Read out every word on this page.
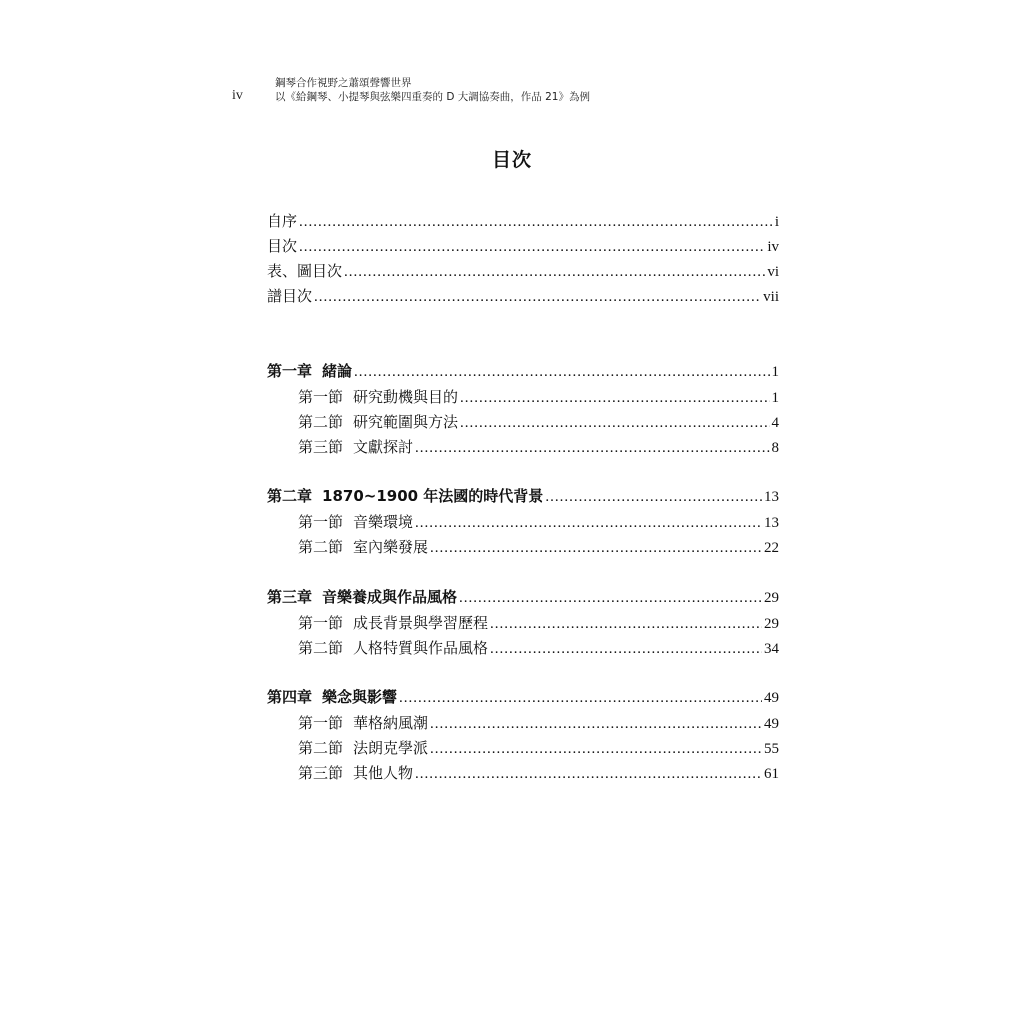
iv
鋼琴合作視野之蕭頌聲響世界
以《給鋼琴、小提琴與弦樂四重奏的 D 大調協奏曲，作品 21》為例
目次
自序 .....	i
目次 .....	iv
表、圖目次 .....	vi
譜目次 .....	vii
第一章 緒論 .....	1
第一節 研究動機與目的 .....	1
第二節 研究範圍與方法 .....	4
第三節 文獻探討 .....	8
第二章 1870~1900 年法國的時代背景 .....	13
第一節 音樂環境 .....	13
第二節 室內樂發展 .....	22
第三章 音樂養成與作品風格 .....	29
第一節 成長背景與學習歷程 .....	29
第二節 人格特質與作品風格 .....	34
第四章 樂念與影響 .....	49
第一節 華格納風潮 .....	49
第二節 法朗克學派 .....	55
第三節 其他人物 .....	61
